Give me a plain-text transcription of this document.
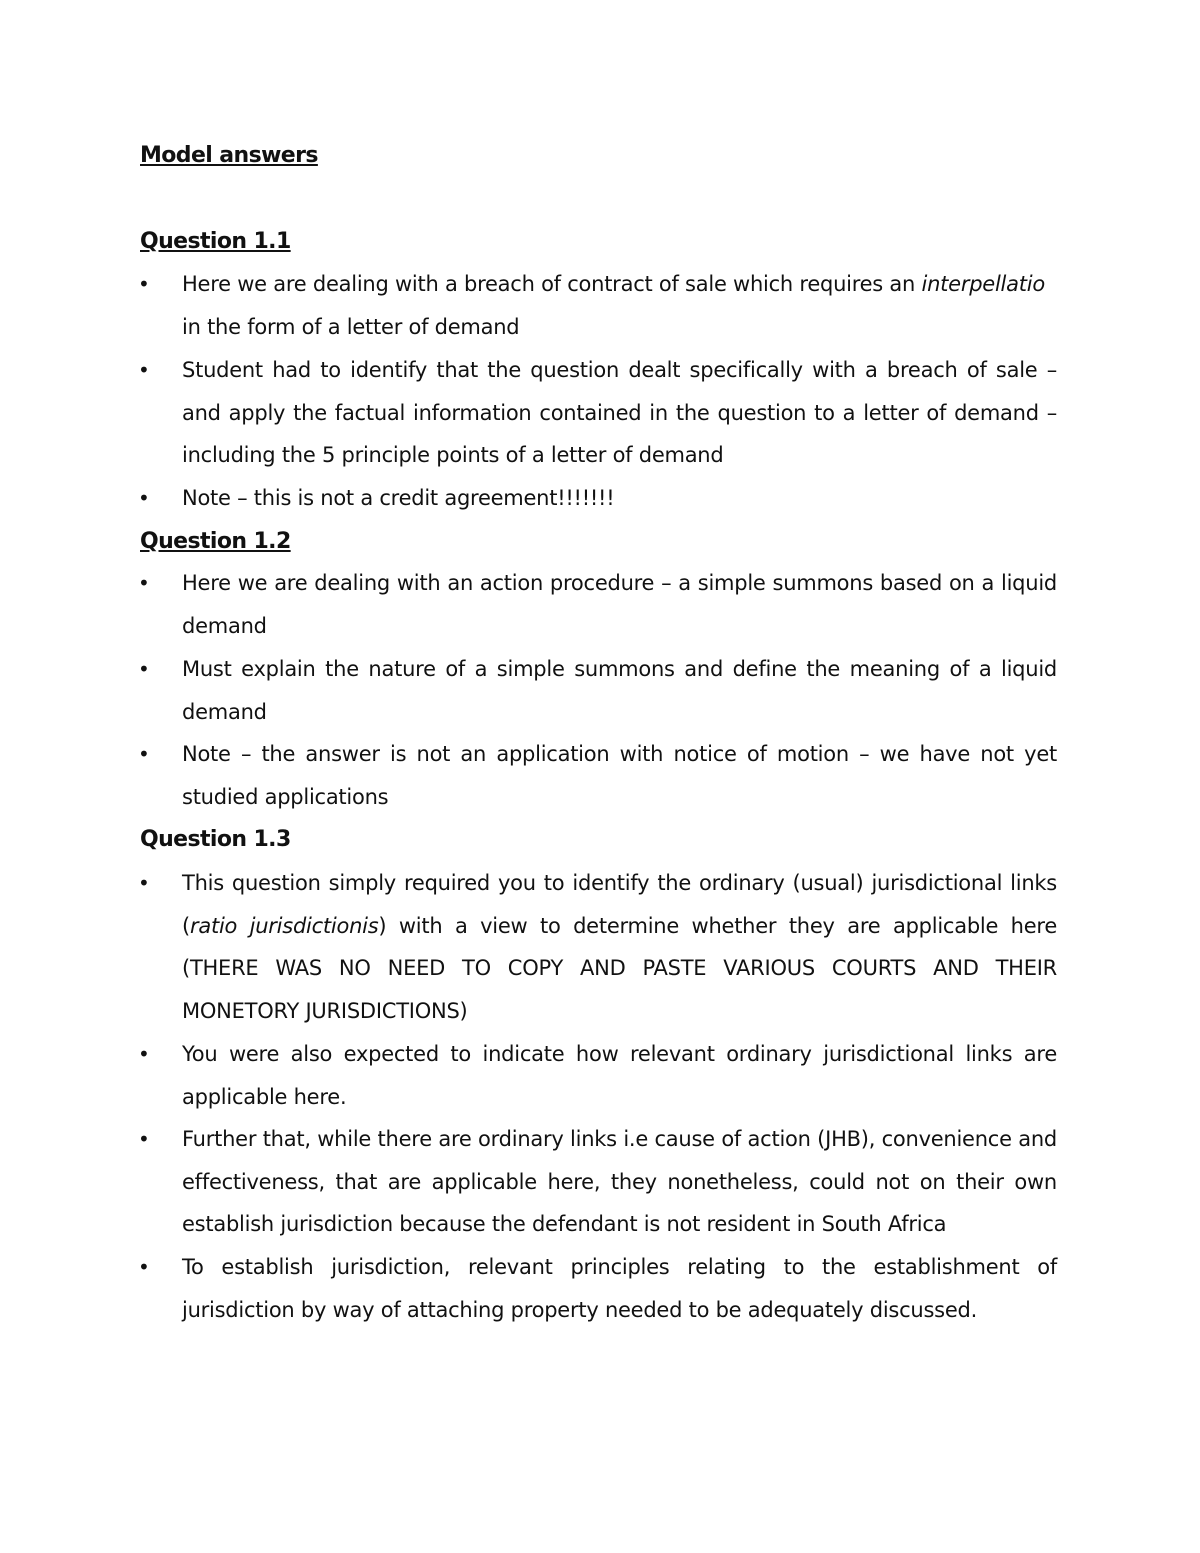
Model answers
Question 1.1
• Here we are dealing with a breach of contract of sale which requires an interpellatio in the form of a letter of demand
• Student had to identify that the question dealt specifically with a breach of sale – and apply the factual information contained in the question to a letter of demand – including the 5 principle points of a letter of demand
• Note – this is not a credit agreement!!!!!!!
Question 1.2
• Here we are dealing with an action procedure – a simple summons based on a liquid demand
• Must explain the nature of a simple summons and define the meaning of a liquid demand
• Note – the answer is not an application with notice of motion – we have not yet studied applications
Question 1.3
• This question simply required you to identify the ordinary (usual) jurisdictional links (ratio jurisdictionis) with a view to determine whether they are applicable here (THERE WAS NO NEED TO COPY AND PASTE VARIOUS COURTS AND THEIR MONETORY JURISDICTIONS)
• You were also expected to indicate how relevant ordinary jurisdictional links are applicable here.
• Further that, while there are ordinary links i.e cause of action (JHB), convenience and effectiveness, that are applicable here, they nonetheless, could not on their own establish jurisdiction because the defendant is not resident in South Africa
• To establish jurisdiction, relevant principles relating to the establishment of jurisdiction by way of attaching property needed to be adequately discussed.
